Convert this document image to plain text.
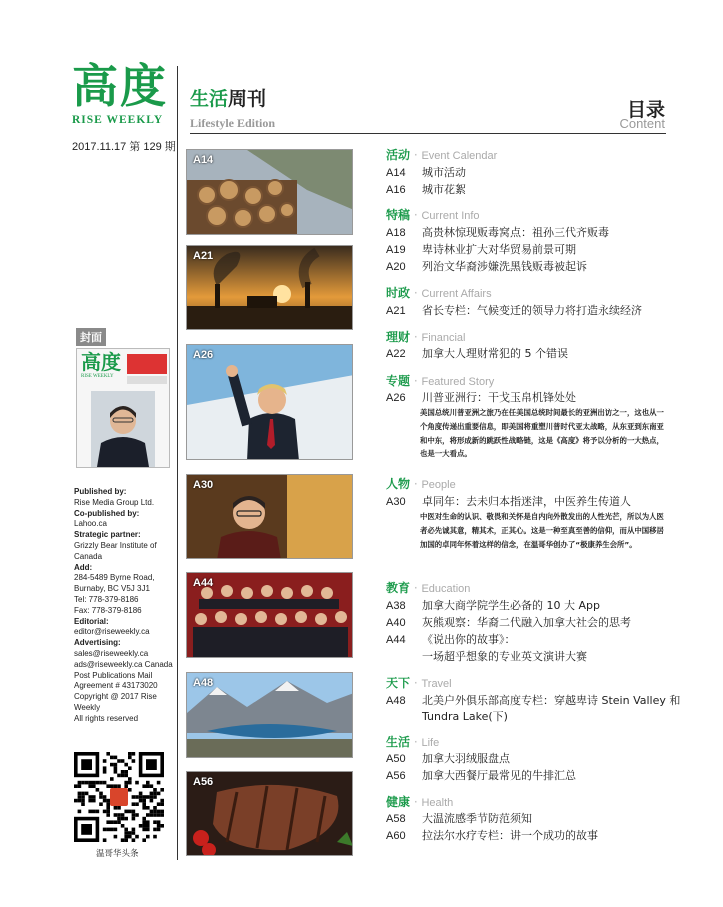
高度
RISE WEEKLY
生活周刊
Lifestyle Edition
目录
Content
2017.11.17 第 129 期
封面
高度
RISE WEEKLY
Published by:
Rise Media Group Ltd.
Co-published by:
Lahoo.ca
Strategic partner:
Grizzly Bear Institute of Canada
Add:
284-5489 Byrne Road, Burnaby, BC V5J 3J1
Tel: 778-379-8186
Fax: 778-379-8186
Editorial:
editor@riseweekly.ca
Advertising:
sales@riseweekly.ca ads@riseweekly.ca Canada Post Publications Mail Agreement # 43173020
Copyright @ 2017 Rise Weekly
All rights reserved
温哥华头条
A14
A21
A26
A30
A44
A48
A56
活动 · Event Calendar
A14	城市活动
A16	城市花絮
特稿 · Current Info
A18	高贵林惊现贩毒窝点：祖孙三代齐贩毒
A19	卑诗林业扩大对华贸易前景可期
A20	列治文华裔涉嫌洗黑钱贩毒被起诉
时政 · Current Affairs
A21	省长专栏：气候变迁的领导力将打造永续经济
理财 · Financial
A22	加拿大人理财常犯的 5 个错误
专题 · Featured Story
A26	川普亚洲行：干戈玉帛机锋处处
美国总统川普亚洲之旅乃在任美国总统时间最长的亚洲出访之一，这也从一个角度传递出重要信息，即美国将重塑川普时代亚太战略，从东亚到东南亚和中东，将形成新的跳跃性战略链，这是《高度》将予以分析的一大热点，也是一大看点。
人物 · People
A30	卓同年：去未归本指迷津，中医养生传道人
中医对生命的认识、敬畏和关怀是自内向外散发出的人性光芒，所以为人医者必先诚其意，精其术，正其心。这是一种至真至善的信仰，而从中国移居加国的卓同年怀着这样的信念，在温哥华创办了“极康养生会所”。
教育 · Education
A38	加拿大商学院学生必备的 10 大 App
A40	灰熊观察：华裔二代融入加拿大社会的思考
A44	《说出你的故事》：
一场超乎想象的专业英文演讲大赛
天下 · Travel
A48	北美户外俱乐部高度专栏：穿越卑诗 Stein Valley 和
Tundra Lake(下)
生活 · Life
A50	加拿大羽绒服盘点
A56	加拿大西餐厅最常见的牛排汇总
健康 · Health
A58	大温流感季节防范须知
A60	拉法尔水疗专栏：讲一个成功的故事
